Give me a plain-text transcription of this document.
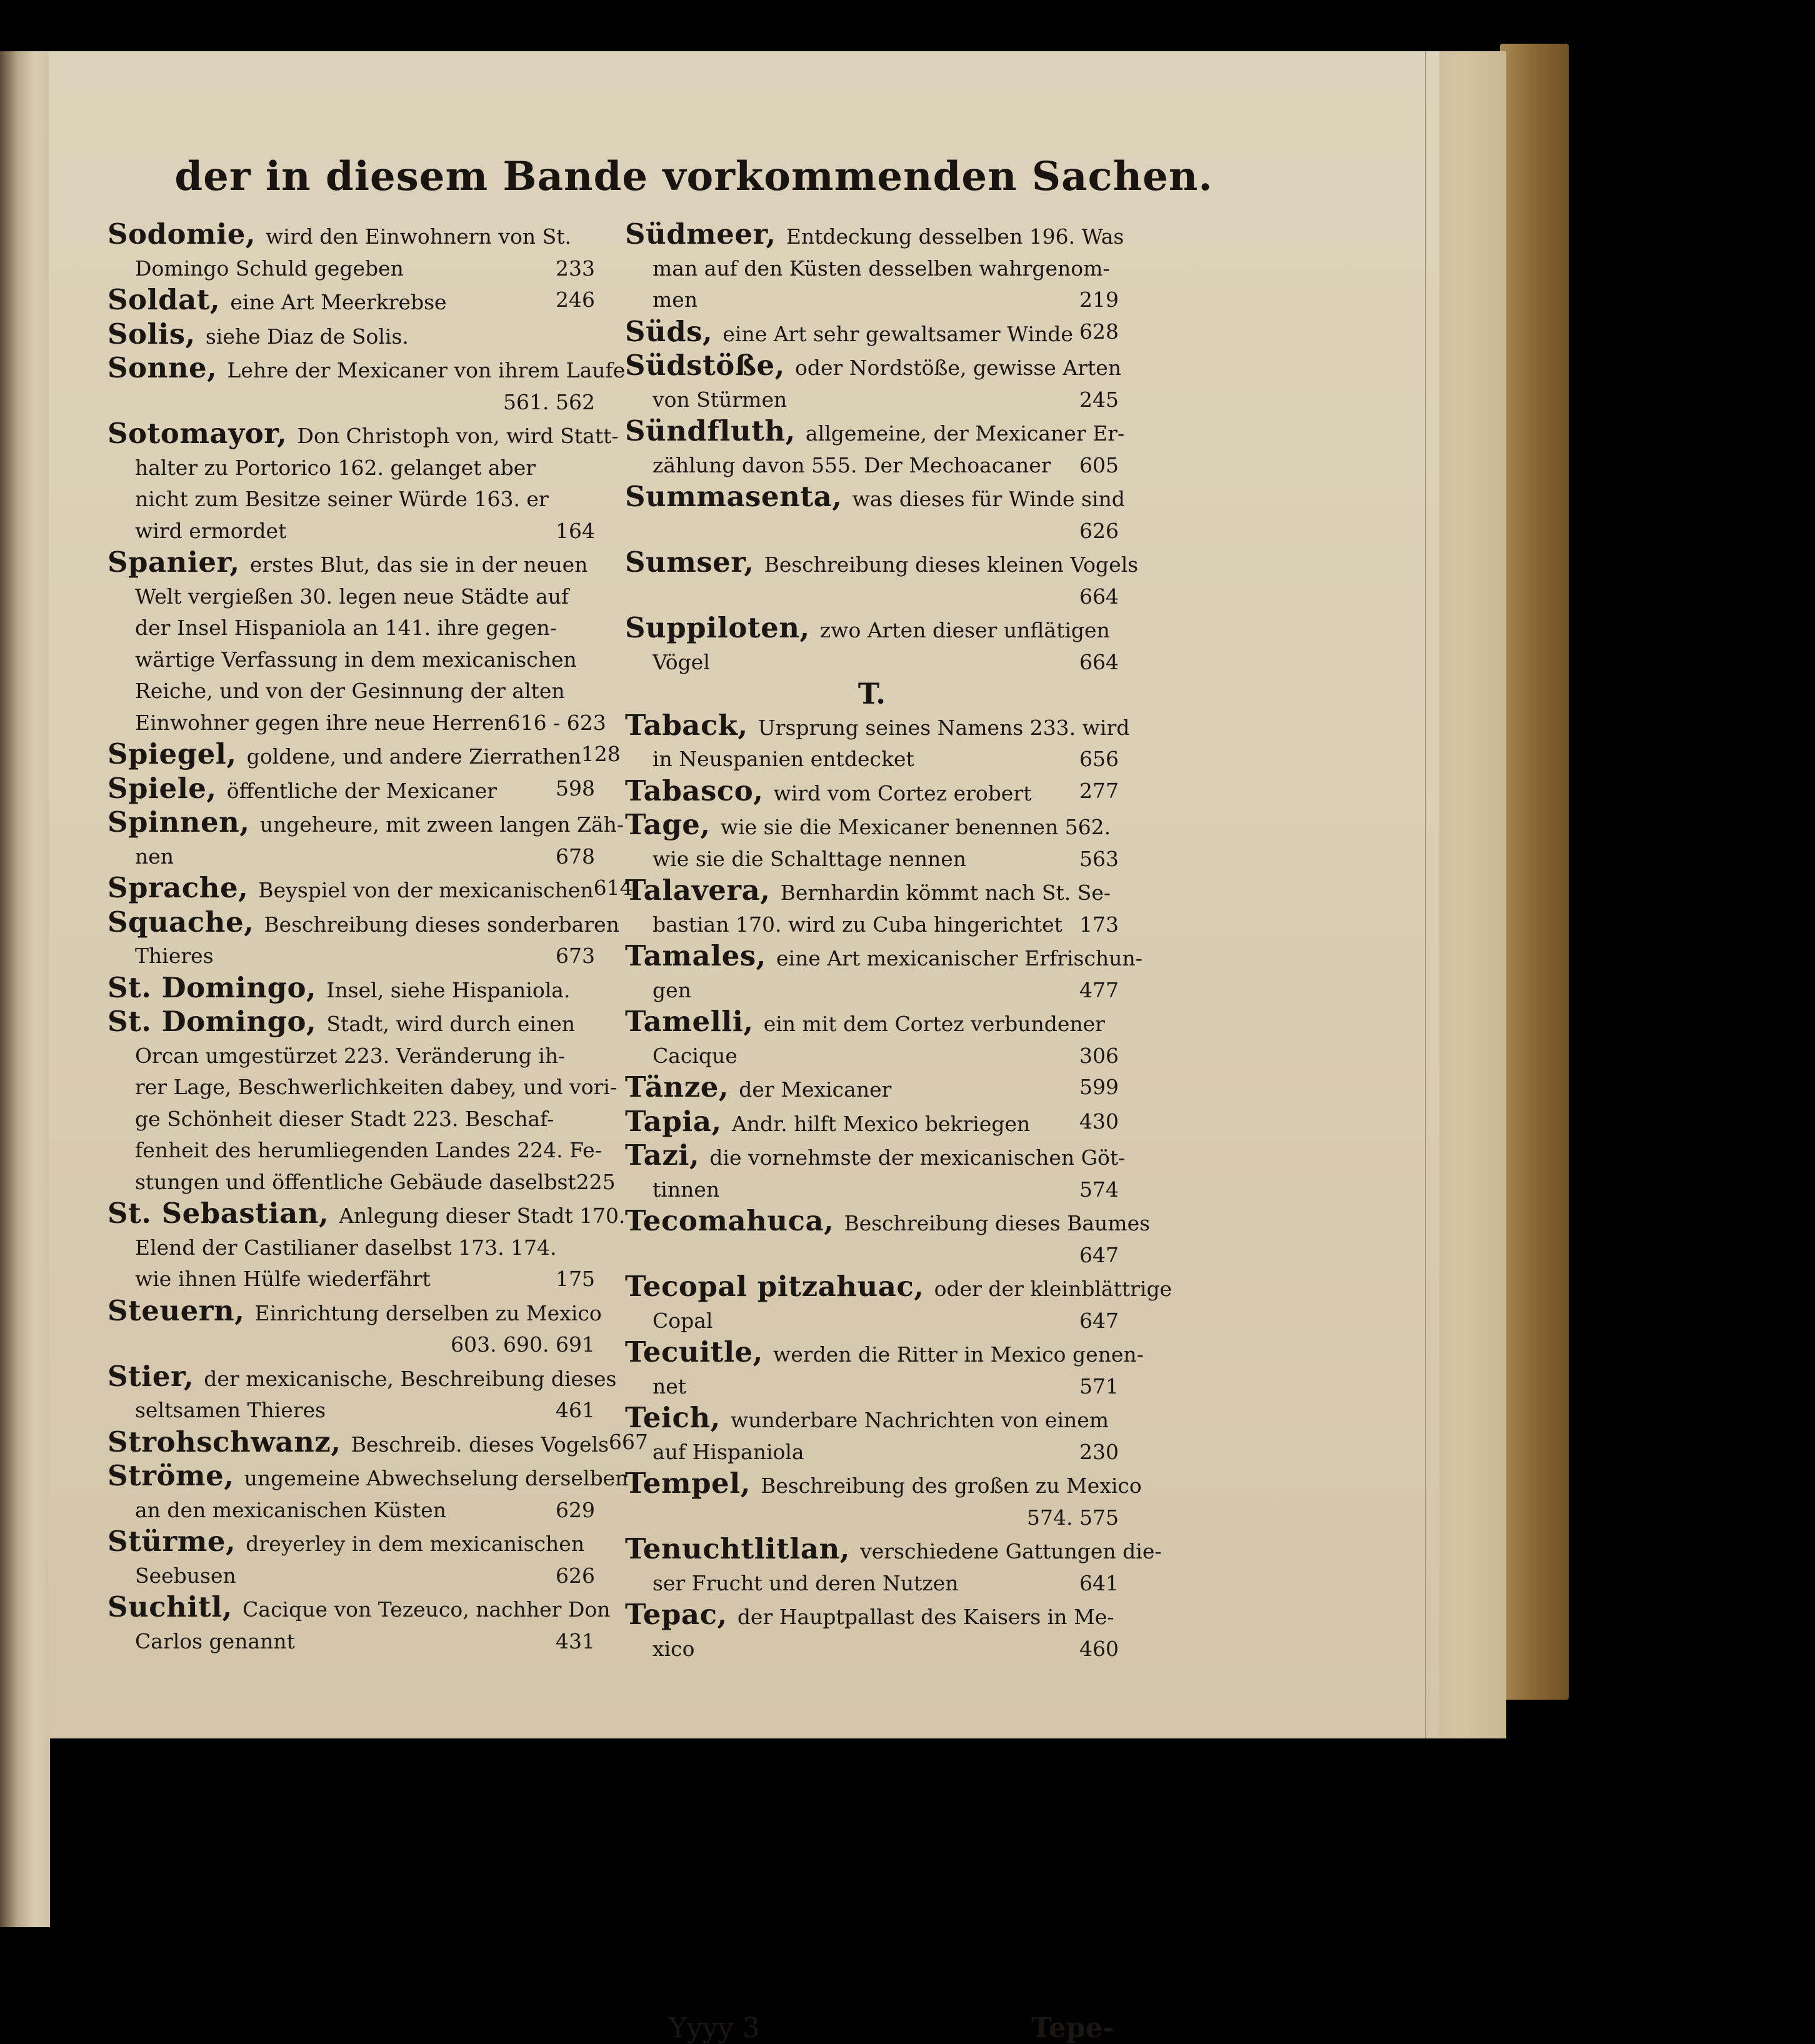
der in diesem Bande vorkommenden Sachen.
Sodomie, wird den Einwohnern von St.
Domingo Schuld gegeben	233
Soldat, eine Art Meerkrebse	246
Solis, siehe Diaz de Solis.
Sonne, Lehre der Mexicaner von ihrem Laufe
561. 562
Sotomayor, Don Christoph von, wird Statt-
halter zu Portorico 162. gelanget aber
nicht zum Besitze seiner Würde 163. er
wird ermordet	164
Spanier, erstes Blut, das sie in der neuen
Welt vergießen 30. legen neue Städte auf
der Insel Hispaniola an 141. ihre gegen-
wärtige Verfassung in dem mexicanischen
Reiche, und von der Gesinnung der alten
Einwohner gegen ihre neue Herren 616 - 623
Spiegel, goldene, und andere Zierrathen 128
Spiele, öffentliche der Mexicaner	598
Spinnen, ungeheure, mit zween langen Zäh-
nen	678
Sprache, Beyspiel von der mexicanischen 614
Squache, Beschreibung dieses sonderbaren
Thieres	673
St. Domingo, Insel, siehe Hispaniola.
St. Domingo, Stadt, wird durch einen
Orcan umgestürzet 223. Veränderung ih-
rer Lage, Beschwerlichkeiten dabey, und vori-
ge Schönheit dieser Stadt 223. Beschaf-
fenheit des herumliegenden Landes 224. Fe-
stungen und öffentliche Gebäude daselbst 225
St. Sebastian, Anlegung dieser Stadt 170.
Elend der Castilianer daselbst 173. 174.
wie ihnen Hülfe wiederfährt	175
Steuern, Einrichtung derselben zu Mexico
603. 690. 691
Stier, der mexicanische, Beschreibung dieses
seltsamen Thieres	461
Strohschwanz, Beschreib. dieses Vogels 667
Ströme, ungemeine Abwechselung derselben
an den mexicanischen Küsten	629
Stürme, dreyerley in dem mexicanischen
Seebusen	626
Suchitl, Cacique von Tezeuco, nachher Don
Carlos genannt	431
Südmeer, Entdeckung desselben 196. Was
man auf den Küsten desselben wahrgenom-
men	219
Süds, eine Art sehr gewaltsamer Winde 628
Südstöße, oder Nordstöße, gewisse Arten
von Stürmen	245
Sündfluth, allgemeine, der Mexicaner Er-
zählung davon 555. Der Mechoacaner 605
Summasenta, was dieses für Winde sind
626
Sumser, Beschreibung dieses kleinen Vogels
664
Suppiloten, zwo Arten dieser unflätigen
Vögel	664
T.
Taback, Ursprung seines Namens 233. wird
in Neuspanien entdecket	656
Tabasco, wird vom Cortez erobert 277
Tage, wie sie die Mexicaner benennen 562.
wie sie die Schalttage nennen	563
Talavera, Bernhardin kömmt nach St. Se-
bastian 170. wird zu Cuba hingerichtet 173
Tamales, eine Art mexicanischer Erfrischun-
gen	477
Tamelli, ein mit dem Cortez verbundener
Cacique	306
Tänze, der Mexicaner	599
Tapia, Andr. hilft Mexico bekriegen 430
Tazi, die vornehmste der mexicanischen Göt-
tinnen	574
Tecomahuca, Beschreibung dieses Baumes
647
Tecopal pitzahuac, oder der kleinblättrige
Copal	647
Tecuitle, werden die Ritter in Mexico genen-
net	571
Teich, wunderbare Nachrichten von einem
auf Hispaniola	230
Tempel, Beschreibung des großen zu Mexico
574. 575
Tenuchtlitlan, verschiedene Gattungen die-
ser Frucht und deren Nutzen	641
Tepac, der Hauptpallast des Kaisers in Me-
xico	460
Yyyy 3	Tepe-
